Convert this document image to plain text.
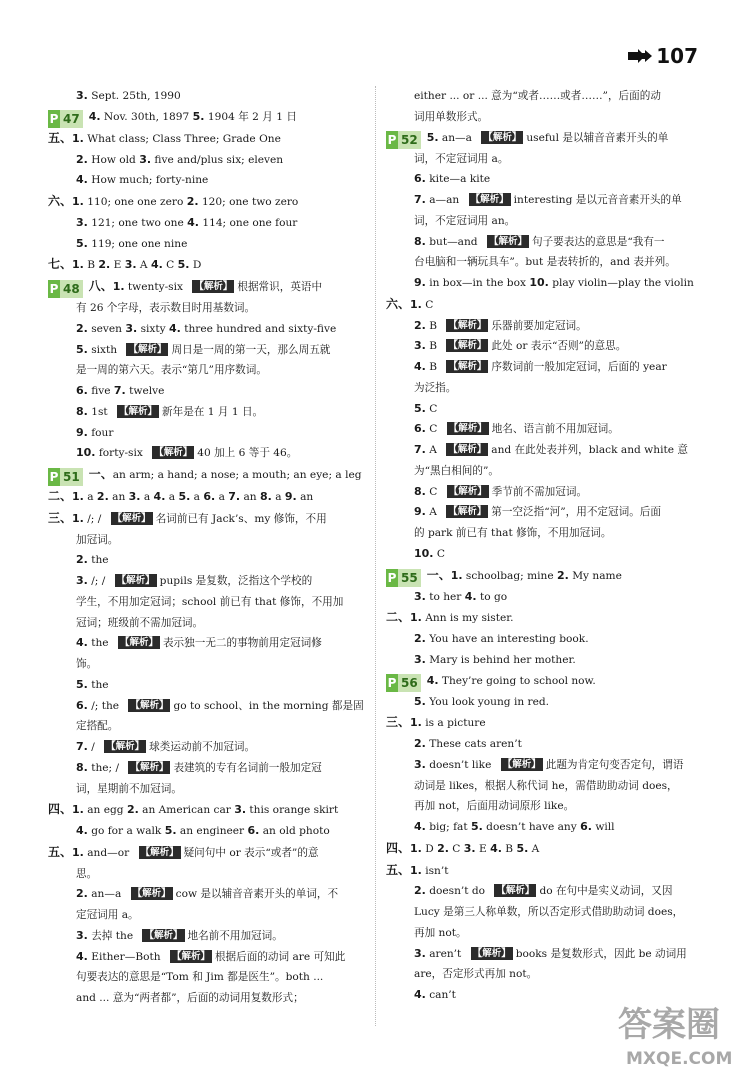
107
3. Sept. 25th, 1990
P 47 4. Nov. 30th, 1897 5. 1904 年 2 月 1 日
五、1. What class; Class Three; Grade One
2. How old 3. five and/plus six; eleven
4. How much; forty-nine
六、1. 110; one one zero 2. 120; one two zero
3. 121; one two one 4. 114; one one four
5. 119; one one nine
七、1. B 2. E 3. A 4. C 5. D
P 48 八、1. twenty-six 【解析】 根据常识，英语中
有 26 个字母，表示数目时用基数词。
2. seven 3. sixty 4. three hundred and sixty-five
5. sixth 【解析】 周日是一周的第一天，那么周五就
是一周的第六天。表示“第几”用序数词。
6. five 7. twelve
8. 1st 【解析】 新年是在 1 月 1 日。
9. four
10. forty-six 【解析】 40 加上 6 等于 46。
P 51 一、an arm; a hand; a nose; a mouth; an eye; a leg
二、1. a 2. an 3. a 4. a 5. a 6. a 7. an 8. a 9. an
三、1. /; / 【解析】 名词前已有 Jack’s、my 修饰，不用
加冠词。
2. the
3. /; / 【解析】 pupils 是复数，泛指这个学校的
学生，不用加定冠词；school 前已有 that 修饰，不用加
冠词；班级前不需加冠词。
4. the 【解析】 表示独一无二的事物前用定冠词修
饰。
5. the
6. /; the 【解析】 go to school、in the morning 都是固
定搭配。
7. / 【解析】 球类运动前不加冠词。
8. the; / 【解析】 表建筑的专有名词前一般加定冠
词，星期前不加冠词。
四、1. an egg 2. an American car 3. this orange skirt
4. go for a walk 5. an engineer 6. an old photo
五、1. and—or 【解析】 疑问句中 or 表示“或者”的意
思。
2. an—a 【解析】 cow 是以辅音音素开头的单词，不
定冠词用 a。
3. 去掉 the 【解析】 地名前不用加冠词。
4. Either—Both 【解析】 根据后面的动词 are 可知此
句要表达的意思是“Tom 和 Jim 都是医生”。both ...
and ... 意为“两者都”，后面的动词用复数形式；
either ... or ... 意为“或者……或者……”，后面的动
词用单数形式。
P 52 5. an—a 【解析】 useful 是以辅音音素开头的单
词，不定冠词用 a。
6. kite—a kite
7. a—an 【解析】 interesting 是以元音音素开头的单
词，不定冠词用 an。
8. but—and 【解析】 句子要表达的意思是“我有一
台电脑和一辆玩具车”。but 是表转折的，and 表并列。
9. in box—in the box 10. play violin—play the violin
六、1. C
2. B 【解析】 乐器前要加定冠词。
3. B 【解析】 此处 or 表示“否则”的意思。
4. B 【解析】 序数词前一般加定冠词，后面的 year
为泛指。
5. C
6. C 【解析】 地名、语言前不用加冠词。
7. A 【解析】 and 在此处表并列，black and white 意
为“黑白相间的”。
8. C 【解析】 季节前不需加冠词。
9. A 【解析】 第一空泛指“河”，用不定冠词。后面
的 park 前已有 that 修饰，不用加冠词。
10. C
P 55 一、1. schoolbag; mine 2. My name
3. to her 4. to go
二、1. Ann is my sister.
2. You have an interesting book.
3. Mary is behind her mother.
P 56 4. They’re going to school now.
5. You look young in red.
三、1. is a picture
2. These cats aren’t
3. doesn’t like 【解析】 此题为肯定句变否定句，谓语
动词是 likes，根据人称代词 he，需借助助动词 does，
再加 not，后面用动词原形 like。
4. big; fat 5. doesn’t have any 6. will
四、1. D 2. C 3. E 4. B 5. A
五、1. isn’t
2. doesn’t do 【解析】 do 在句中是实义动词，又因
Lucy 是第三人称单数，所以否定形式借助助动词 does，
再加 not。
3. aren’t 【解析】 books 是复数形式，因此 be 动词用
are，否定形式再加 not。
4. can’t
答案圈
MXQE.COM
